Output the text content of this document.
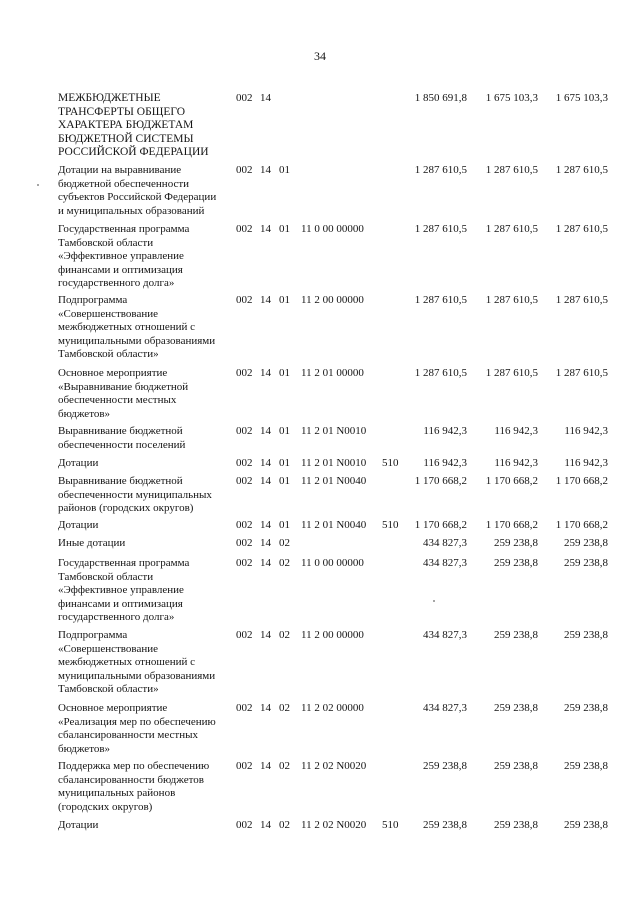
34
МЕЖБЮДЖЕТНЫЕ
ТРАНСФЕРТЫ ОБЩЕГО
ХАРАКТЕРА БЮДЖЕТАМ
БЮДЖЕТНОЙ СИСТЕМЫ
РОССИЙСКОЙ ФЕДЕРАЦИИ
002 14	1 850 691,8	1 675 103,3	1 675 103,3
Дотации на выравнивание
бюджетной обеспеченности
субъектов Российской Федерации
и муниципальных образований
002 14 01	1 287 610,5	1 287 610,5	1 287 610,5
Государственная программа
Тамбовской области
«Эффективное управление
финансами и оптимизация
государственного долга»
002 14 01 11 0 00 00000	1 287 610,5	1 287 610,5	1 287 610,5
Подпрограмма
«Совершенствование
межбюджетных отношений с
муниципальными образованиями
Тамбовской области»
002 14 01 11 2 00 00000	1 287 610,5	1 287 610,5	1 287 610,5
Основное мероприятие
«Выравнивание бюджетной
обеспеченности местных
бюджетов»
002 14 01 11 2 01 00000	1 287 610,5	1 287 610,5	1 287 610,5
Выравнивание бюджетной
обеспеченности поселений
002 14 01 11 2 01 N0010	116 942,3	116 942,3	116 942,3
Дотации	002 14 01 11 2 01 N0010 510	116 942,3	116 942,3	116 942,3
Выравнивание бюджетной
обеспеченности муниципальных
районов (городских округов)
002 14 01 11 2 01 N0040	1 170 668,2	1 170 668,2	1 170 668,2
Дотации	002 14 01 11 2 01 N0040 510	1 170 668,2	1 170 668,2	1 170 668,2
Иные дотации	002 14 02	434 827,3	259 238,8	259 238,8
Государственная программа
Тамбовской области
«Эффективное управление
финансами и оптимизация
государственного долга»
002 14 02 11 0 00 00000	434 827,3	259 238,8	259 238,8
Подпрограмма
«Совершенствование
межбюджетных отношений с
муниципальными образованиями
Тамбовской области»
002 14 02 11 2 00 00000	434 827,3	259 238,8	259 238,8
Основное мероприятие
«Реализация мер по обеспечению
сбалансированности местных
бюджетов»
002 14 02 11 2 02 00000	434 827,3	259 238,8	259 238,8
Поддержка мер по обеспечению
сбалансированности бюджетов
муниципальных районов
(городских округов)
002 14 02 11 2 02 N0020	259 238,8	259 238,8	259 238,8
Дотации	002 14 02 11 2 02 N0020 510	259 238,8	259 238,8	259 238,8
